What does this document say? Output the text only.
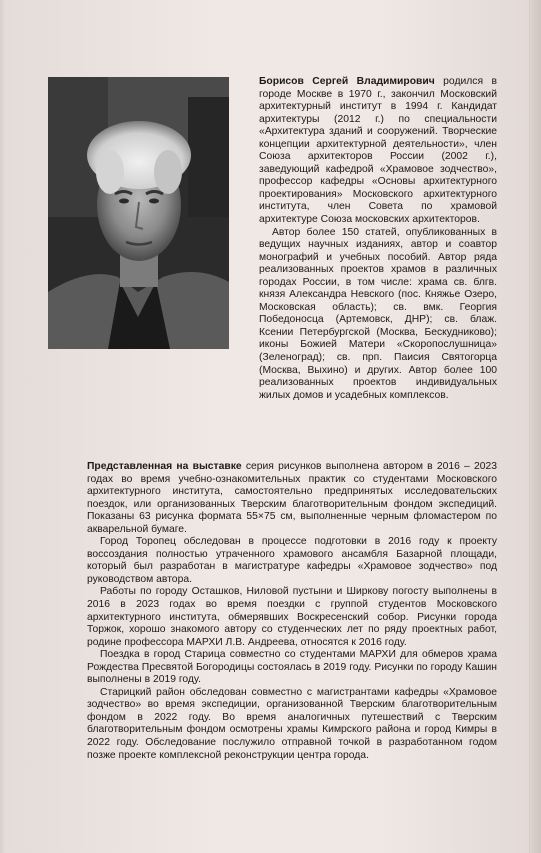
Борисов Сергей Владимирович родился в городе Москве в 1970 г., закончил Московский архитектурный институт в 1994 г. Кандидат архитектуры (2012 г.) по специальности «Архитектура зданий и сооружений. Творческие концепции архитектурной деятельности», член Союза архитекторов России (2002 г.), заведующий кафедрой «Храмовое зодчество», профессор кафедры «Основы архитектурного проектирования» Московского архитектурного института, член Совета по храмовой архитектуре Союза московских архитекторов.

Автор более 150 статей, опубликованных в ведущих научных изданиях, автор и соавтор монографий и учебных пособий. Автор ряда реализованных проектов храмов в различных городах России, в том числе: храма св. блгв. князя Александра Невского (пос. Княжье Озеро, Московская область); св. вмк. Георгия Победоносца (Артемовск, ДНР); св. блаж. Ксении Петербургской (Москва, Бескудниково); иконы Божией Матери «Скоропослушница» (Зеленоград); св. прп. Паисия Святогорца (Москва, Выхино) и других. Автор более 100 реализованных проектов индивидуальных жилых домов и усадебных комплексов.

Представленная на выставке серия рисунков выполнена автором в 2016 – 2023 годах во время учебно-ознакомительных практик со студентами Московского архитектурного института, самостоятельно предпринятых исследовательских поездок, или организованных Тверским благотворительным фондом экспедиций. Показаны 63 рисунка формата 55×75 см, выполненные черным фломастером по акварельной бумаге.

Город Торопец обследован в процессе подготовки в 2016 году к проекту воссоздания полностью утраченного храмового ансамбля Базарной площади, который был разработан в магистратуре кафедры «Храмовое зодчество» под руководством автора.

Работы по городу Осташков, Ниловой пустыни и Ширкову погосту выполнены в 2016 в 2023 годах во время поездки с группой студентов Московского архитектурного института, обмерявших Воскресенский собор. Рисунки города Торжок, хорошо знакомого автору со студенческих лет по ряду проектных работ, родине профессора МАРХИ Л.В. Андреева, относятся к 2016 году.

Поездка в город Старица совместно со студентами МАРХИ для обмеров храма Рождества Пресвятой Богородицы состоялась в 2019 году. Рисунки по городу Кашин выполнены в 2019 году.

Старицкий район обследован совместно с магистрантами кафедры «Храмовое зодчество» во время экспедиции, организованной Тверским благотворительным фондом в 2022 году. Во время аналогичных путешествий с Тверским благотворительным фондом осмотрены храмы Кимрского района и город Кимры в 2022 году. Обследование послужило отправной точкой в разработанном годом позже проекте комплексной реконструкции центра города.
